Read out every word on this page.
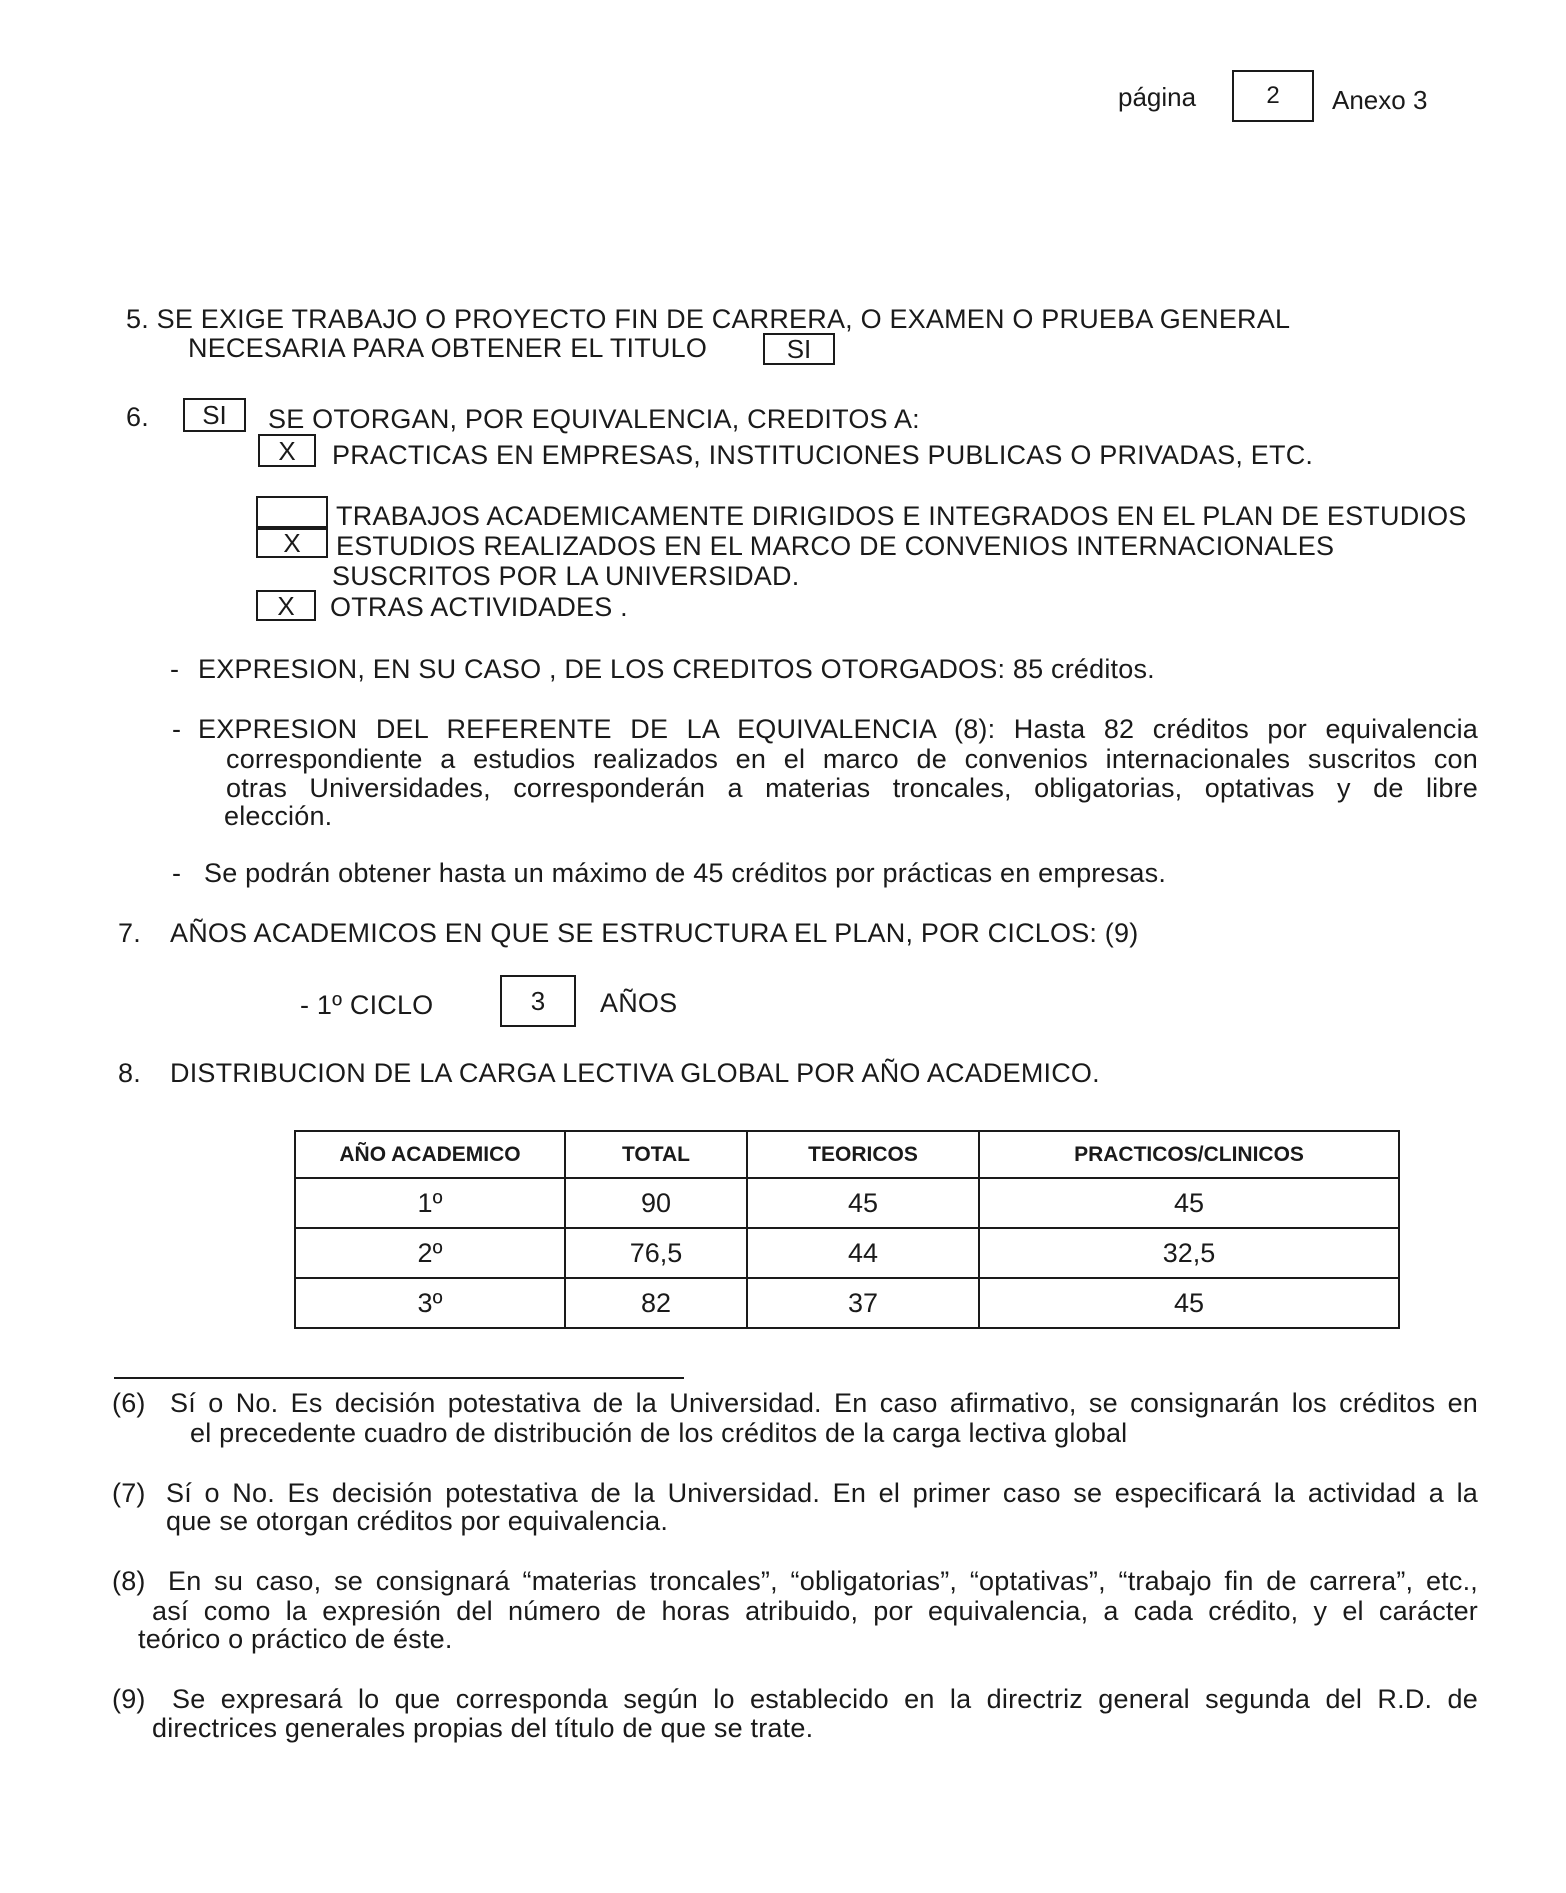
página	2	Anexo 3
5. SE EXIGE TRABAJO O PROYECTO FIN DE CARRERA, O EXAMEN O PRUEBA GENERAL
NECESARIA PARA OBTENER EL TITULO	SI
6.	SI	SE OTORGAN, POR EQUIVALENCIA, CREDITOS A:
X	PRACTICAS EN EMPRESAS, INSTITUCIONES PUBLICAS O PRIVADAS, ETC.
TRABAJOS ACADEMICAMENTE DIRIGIDOS E INTEGRADOS EN EL PLAN DE ESTUDIOS
X	ESTUDIOS REALIZADOS EN EL MARCO DE CONVENIOS INTERNACIONALES
SUSCRITOS POR LA UNIVERSIDAD.
X	OTRAS ACTIVIDADES .
- EXPRESION, EN SU CASO , DE LOS CREDITOS OTORGADOS: 85 créditos.
- EXPRESION DEL REFERENTE DE LA EQUIVALENCIA (8): Hasta 82 créditos por equivalencia
correspondiente a estudios realizados en el marco de convenios internacionales suscritos con
otras Universidades, corresponderán a materias troncales, obligatorias, optativas y de libre
elección.
- Se podrán obtener hasta un máximo de 45 créditos por prácticas en empresas.
7. AÑOS ACADEMICOS EN QUE SE ESTRUCTURA EL PLAN, POR CICLOS: (9)
- 1º CICLO	3	AÑOS
8. DISTRIBUCION DE LA CARGA LECTIVA GLOBAL POR AÑO ACADEMICO.
AÑO ACADEMICO	TOTAL	TEORICOS	PRACTICOS/CLINICOS
1º	90	45	45
2º	76,5	44	32,5
3º	82	37	45
(6) Sí o No. Es decisión potestativa de la Universidad. En caso afirmativo, se consignarán los créditos en
el precedente cuadro de distribución de los créditos de la carga lectiva global
(7) Sí o No. Es decisión potestativa de la Universidad. En el primer caso se especificará la actividad a la
que se otorgan créditos por equivalencia.
(8) En su caso, se consignará “materias troncales”, “obligatorias”, “optativas”, “trabajo fin de carrera”, etc.,
así como la expresión del número de horas atribuido, por equivalencia, a cada crédito, y el carácter
teórico o práctico de éste.
(9) Se expresará lo que corresponda según lo establecido en la directriz general segunda del R.D. de
directrices generales propias del título de que se trate.
